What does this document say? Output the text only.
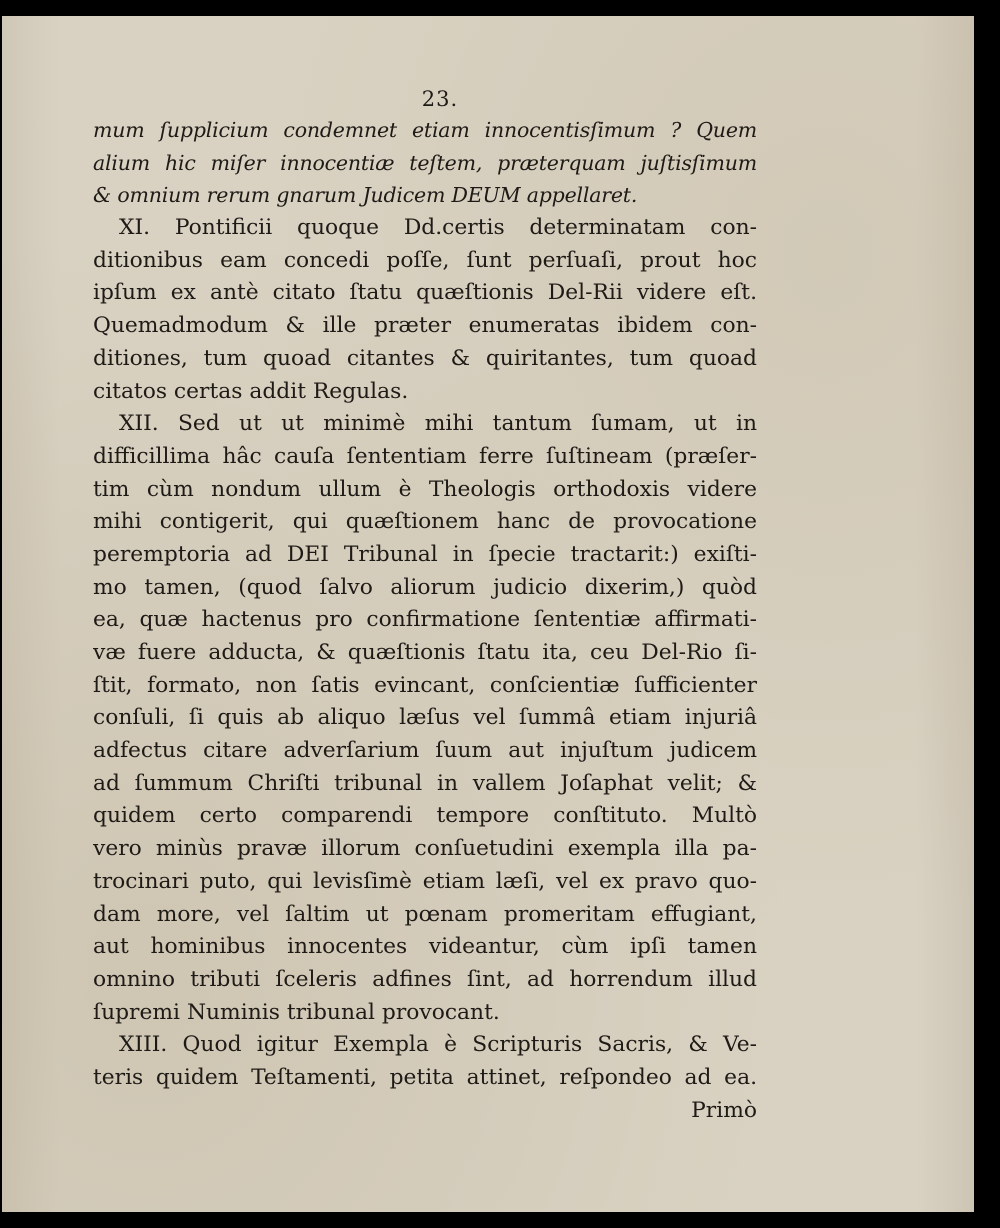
23.
mum ſupplicium condemnet etiam innocentisſimum ? Quem
alium hic miſer innocentiæ teſtem, prӕterquam juſtisſimum
& omnium rerum gnarum Judicem DEUM appellaret.
XI. Pontificii quoque Dd.certis determinatam con-
ditionibus eam concedi poſſe, ſunt perſuaſi, prout hoc
ipſum ex antè citato ſtatu quæſtionis Del-Rii videre eſt.
Quemadmodum & ille præter enumeratas ibidem con-
ditiones, tum quoad citantes & quiritantes, tum quoad
citatos certas addit Regulas.
XII. Sed ut ut minimè mihi tantum ſumam, ut in
difficillima hâc cauſa ſententiam ferre ſuſtineam (præſer-
tim cùm nondum ullum è Theologis orthodoxis videre
mihi contigerit, qui quæſtionem hanc de provocatione
peremptoria ad DEI Tribunal in ſpecie tractarit:) exiſti-
mo tamen, (quod ſalvo aliorum judicio dixerim,) quòd
ea, quæ hactenus pro confirmatione ſententiæ affirmati-
væ fuere adducta, & quæſtionis ſtatu ita, ceu Del-Rio ſi-
ſtit, formato, non ſatis evincant, conſcientiæ ſufficienter
conſuli, ſi quis ab aliquo læſus vel ſummâ etiam injuriâ
adfectus citare adverſarium ſuum aut injuſtum judicem
ad ſummum Chriſti tribunal in vallem Joſaphat velit; &
quidem certo comparendi tempore conſtituto. Multò
vero minùs pravæ illorum conſuetudini exempla illa pa-
trocinari puto, qui levisſimè etiam læſi, vel ex pravo quo-
dam more, vel ſaltim ut pœnam promeritam effugiant,
aut hominibus innocentes videantur, cùm ipſi tamen
omnino tributi ſceleris adfines ſint, ad horrendum illud
ſupremi Numinis tribunal provocant.
XIII. Quod igitur Exempla è Scripturis Sacris, & Ve-
teris quidem Teſtamenti, petita attinet, reſpondeo ad ea.
Primò
